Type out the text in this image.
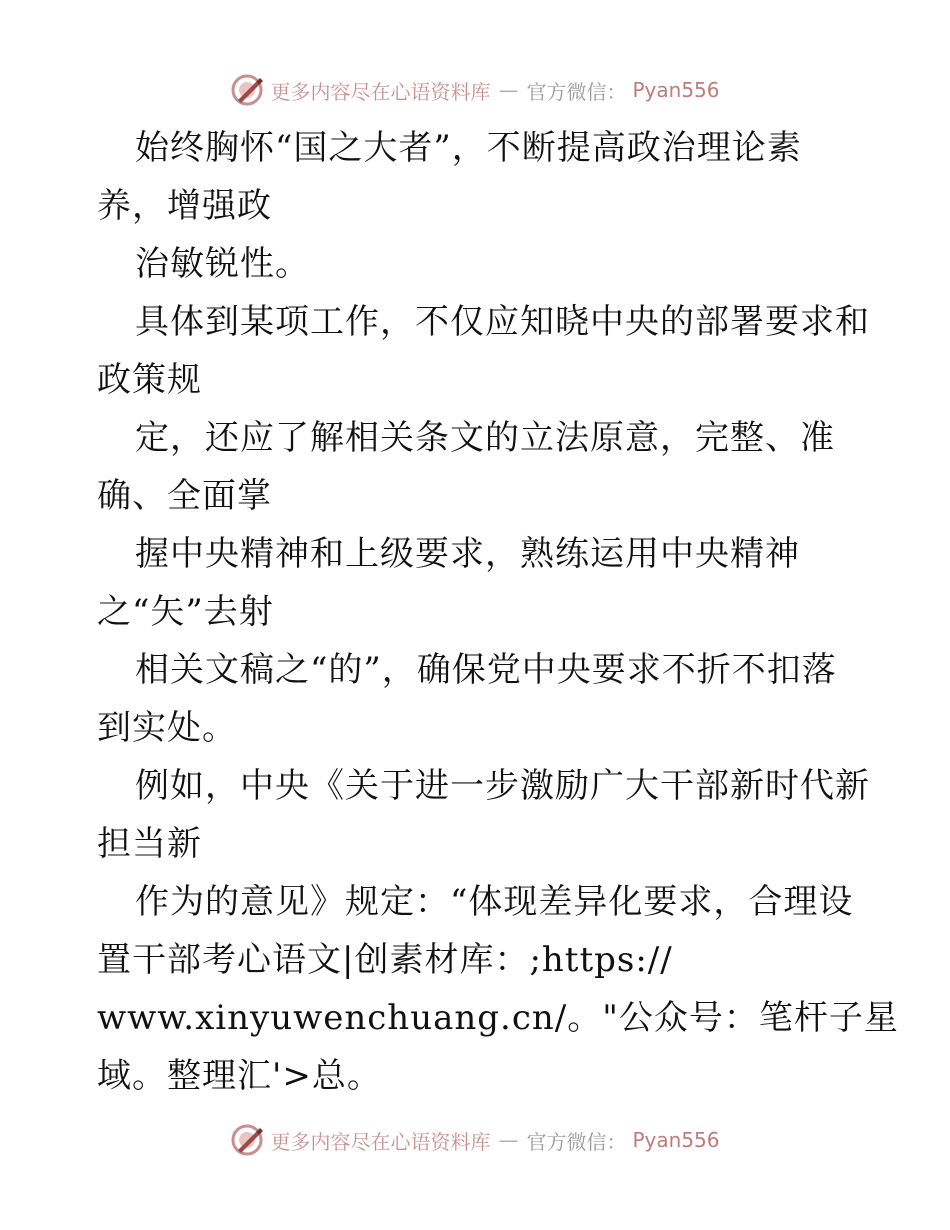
更多内容尽在心语资料库 — 官方微信： Pyan556
始终胸怀“国之大者”，不断提高政治理论素
养，增强政
治敏锐性。
具体到某项工作，不仅应知晓中央的部署要求和
政策规
定，还应了解相关条文的立法原意，完整、准
确、全面掌
握中央精神和上级要求，熟练运用中央精神
之“矢”去射
相关文稿之“的”，确保党中央要求不折不扣落
到实处。
例如，中央《关于进一步激励广大干部新时代新
担当新
作为的意见》规定：“体现差异化要求，合理设
置干部考心语文|创素材库：;https://
www.xinyuwenchuang.cn/。"公众号：笔杆子星
域。整理汇'>总。
更多内容尽在心语资料库 — 官方微信： Pyan556
